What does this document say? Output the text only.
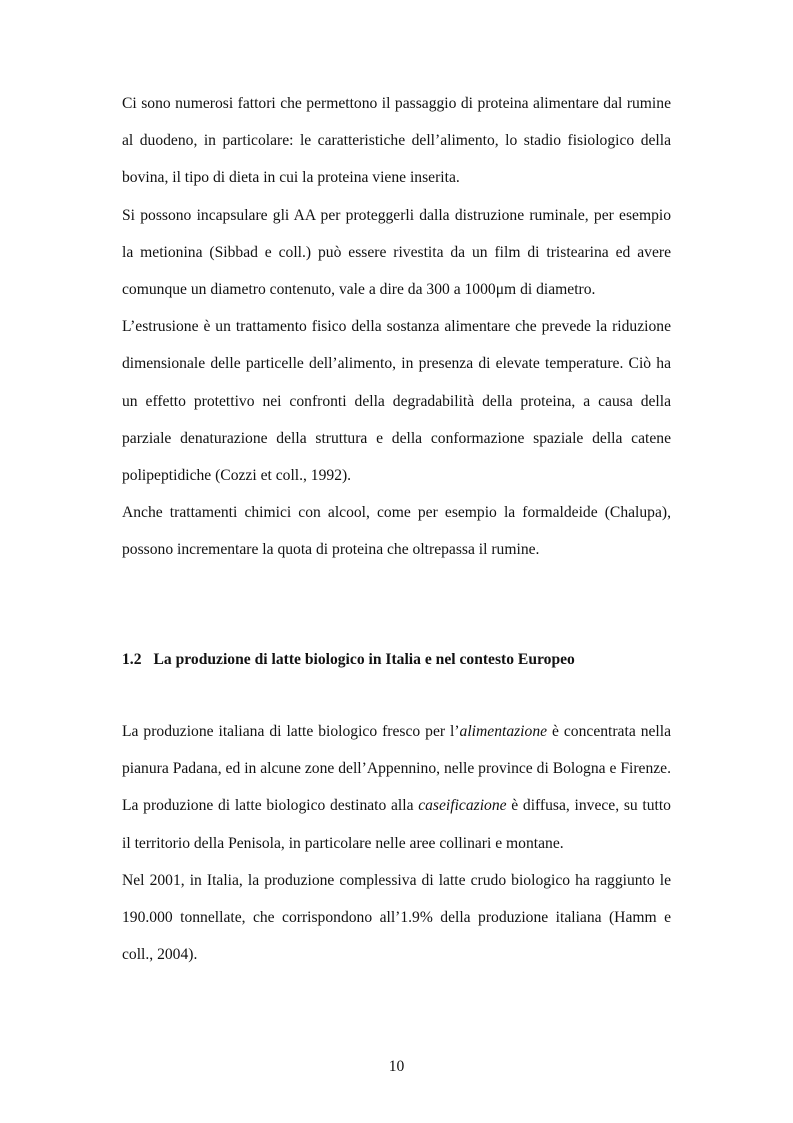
Ci sono numerosi fattori che permettono il passaggio di proteina alimentare dal rumine al duodeno, in particolare: le caratteristiche dell’alimento, lo stadio fisiologico della bovina, il tipo di dieta in cui la proteina viene inserita.

Si possono incapsulare gli AA per proteggerli dalla distruzione ruminale, per esempio la metionina (Sibbad e coll.) può essere rivestita da un film di tristearina ed avere comunque un diametro contenuto, vale a dire da 300 a 1000μm di diametro.

L’estrusione è un trattamento fisico della sostanza alimentare che prevede la riduzione dimensionale delle particelle dell’alimento, in presenza di elevate temperature. Ciò ha un effetto protettivo nei confronti della degradabilità della proteina, a causa della parziale denaturazione della struttura e della conformazione spaziale della catene polipeptidiche (Cozzi et coll., 1992).

Anche trattamenti chimici con alcool, come per esempio la formaldeide (Chalupa), possono incrementare la quota di proteina che oltrepassa il rumine.

1.2 La produzione di latte biologico in Italia e nel contesto Europeo

La produzione italiana di latte biologico fresco per l’alimentazione è concentrata nella pianura Padana, ed in alcune zone dell’Appennino, nelle province di Bologna e Firenze. La produzione di latte biologico destinato alla caseificazione è diffusa, invece, su tutto il territorio della Penisola, in particolare nelle aree collinari e montane.

Nel 2001, in Italia, la produzione complessiva di latte crudo biologico ha raggiunto le 190.000 tonnellate, che corrispondono all’1.9% della produzione italiana (Hamm e coll., 2004).

10
